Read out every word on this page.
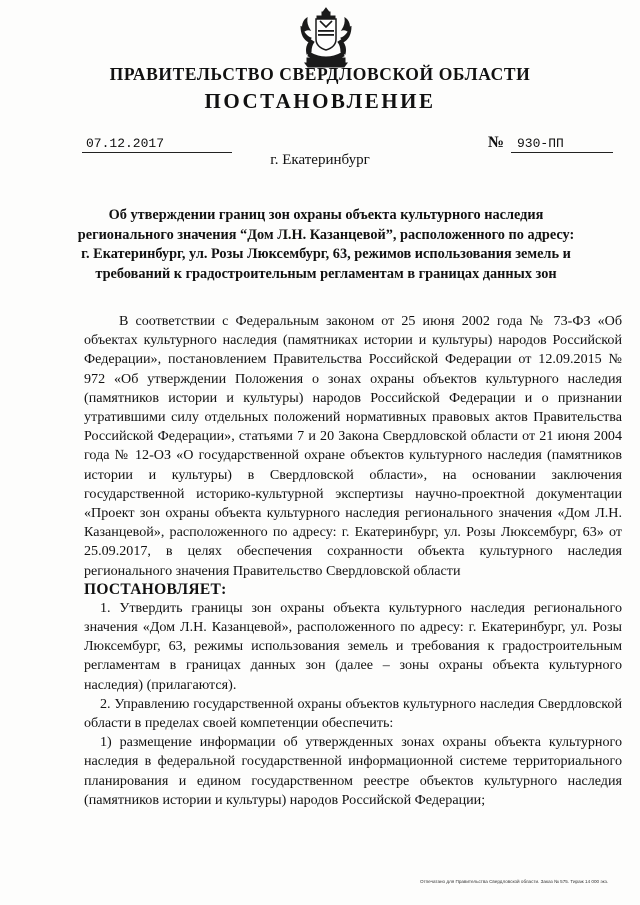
ПРАВИТЕЛЬСТВО СВЕРДЛОВСКОЙ ОБЛАСТИ
ПОСТАНОВЛЕНИЕ
07.12.2017	№ 930-ПП
г. Екатеринбург
Об утверждении границ зон охраны объекта культурного наследия регионального значения “Дом Л.Н. Казанцевой”, расположенного по адресу: г. Екатеринбург, ул. Розы Люксембург, 63, режимов использования земель и требований к градостроительным регламентам в границах данных зон

В соответствии с Федеральным законом от 25 июня 2002 года № 73-ФЗ «Об объектах культурного наследия (памятниках истории и культуры) народов Российской Федерации», постановлением Правительства Российской Федерации от 12.09.2015 № 972 «Об утверждении Положения о зонах охраны объектов культурного наследия (памятников истории и культуры) народов Российской Федерации и о признании утратившими силу отдельных положений нормативных правовых актов Правительства Российской Федерации», статьями 7 и 20 Закона Свердловской области от 21 июня 2004 года № 12-ОЗ «О государственной охране объектов культурного наследия (памятников истории и культуры) в Свердловской области», на основании заключения государственной историко-культурной экспертизы научно-проектной документации «Проект зон охраны объекта культурного наследия регионального значения «Дом Л.Н. Казанцевой», расположенного по адресу: г. Екатеринбург, ул. Розы Люксембург, 63» от 25.09.2017, в целях обеспечения сохранности объекта культурного наследия регионального значения Правительство Свердловской области

ПОСТАНОВЛЯЕТ:

1. Утвердить границы зон охраны объекта культурного наследия регионального значения «Дом Л.Н. Казанцевой», расположенного по адресу: г. Екатеринбург, ул. Розы Люксембург, 63, режимы использования земель и требования к градостроительным регламентам в границах данных зон (далее – зоны охраны объекта культурного наследия) (прилагаются).

2. Управлению государственной охраны объектов культурного наследия Свердловской области в пределах своей компетенции обеспечить:

1) размещение информации об утвержденных зонах охраны объекта культурного наследия в федеральной государственной информационной системе территориального планирования и едином государственном реестре объектов культурного наследия (памятников истории и культуры) народов Российской Федерации;

Отпечатано для Правительства Свердловской области. Заказ № 575. Тираж 14 000 экз.
